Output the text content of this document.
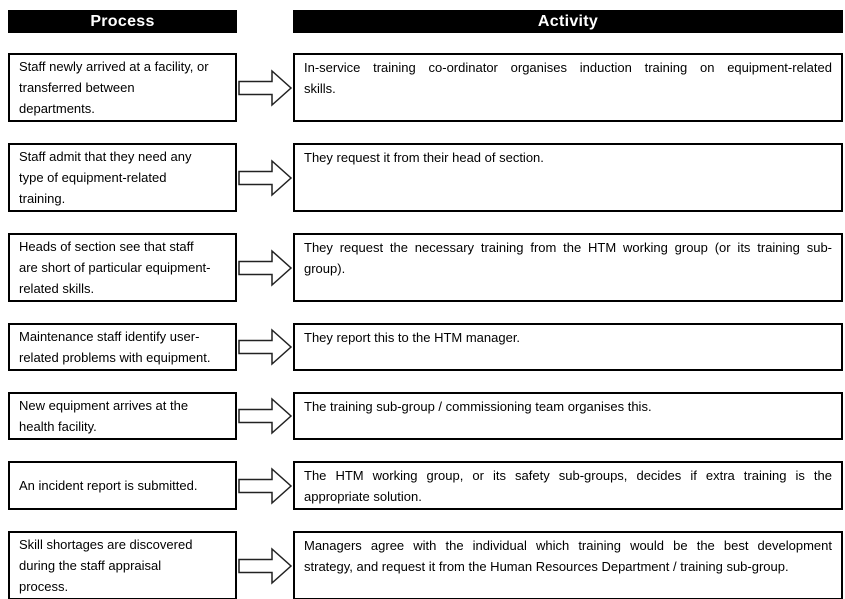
Process	Activity
Staff newly arrived at a facility, or
transferred between
departments.
In-service training co-ordinator organises induction training on equipment-related
skills.
Staff admit that they need any
type of equipment-related
training.
They request it from their head of section.
Heads of section see that staff
are short of particular equipment-
related skills.
They request the necessary training from the HTM working group (or its training sub-
group).
Maintenance staff identify user-
related problems with equipment.
They report this to the HTM manager.
New equipment arrives at the
health facility.
The training sub-group / commissioning team organises this.
An incident report is submitted.
The HTM working group, or its safety sub-groups, decides if extra training is the
appropriate solution.
Skill shortages are discovered
during the staff appraisal
process.
Managers agree with the individual which training would be the best development
strategy, and request it from the Human Resources Department / training sub-group.
